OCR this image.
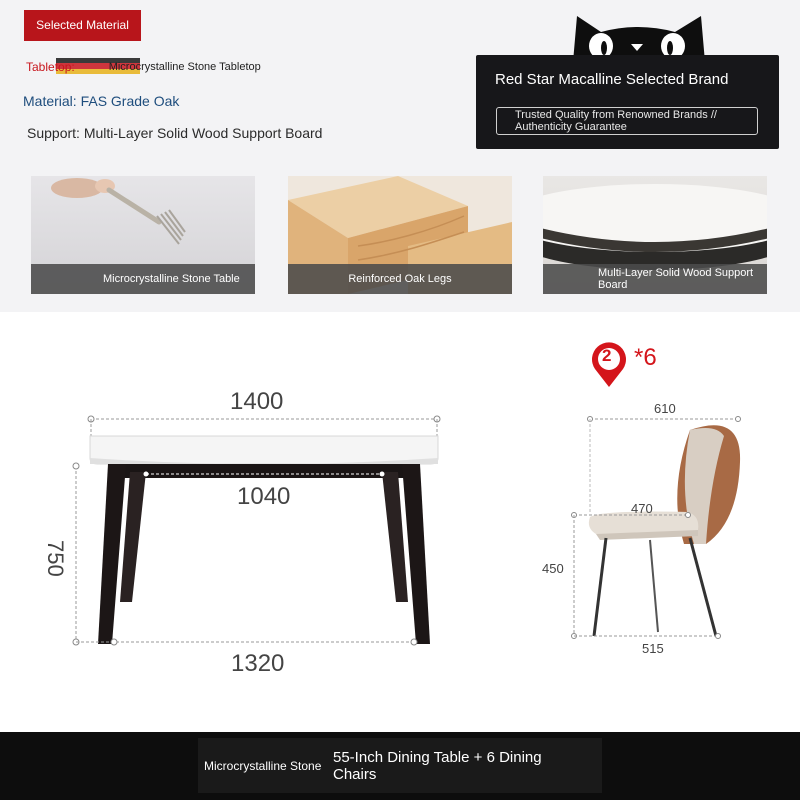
Selected Material
Tabletop:	Microcrystalline Stone Tabletop
Material: FAS Grade Oak
Support: Multi-Layer Solid Wood Support Board
Red Star Macalline Selected Brand
Trusted Quality from Renowned Brands // Authenticity Guarantee
Microcrystalline Stone Table	Reinforced Oak Legs	Multi-Layer Solid Wood Support Board
1400
1040
750
1320
2 *6
610
470
450
515
Microcrystalline Stone 55-Inch Dining Table + 6 Dining Chairs
